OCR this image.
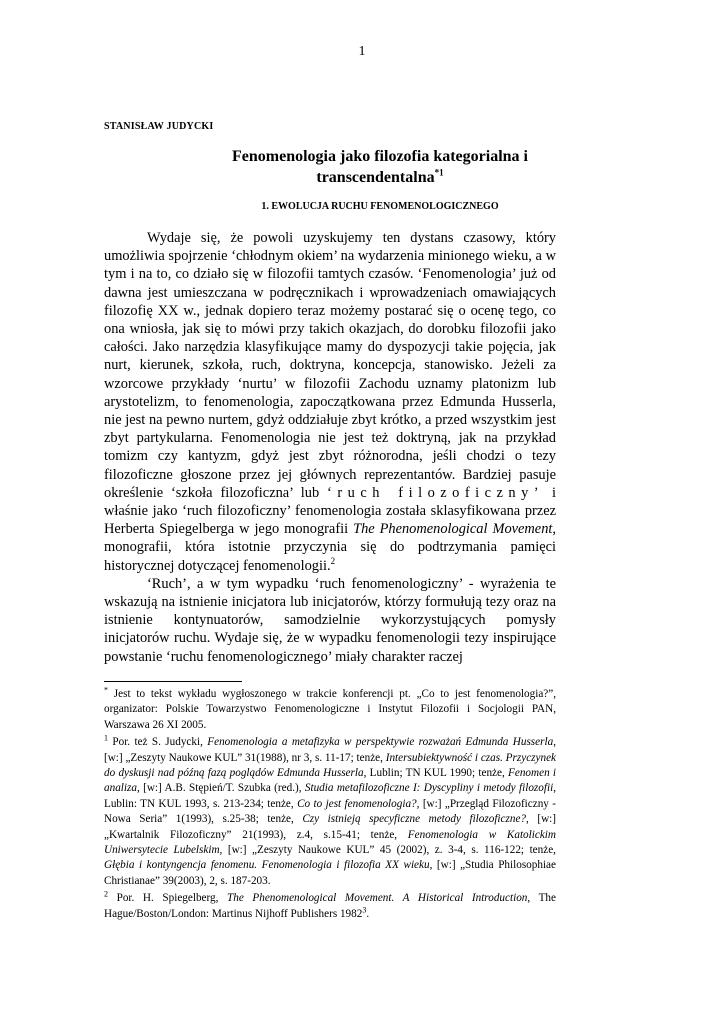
1
STANISŁAW JUDYCKI
Fenomenologia jako filozofia kategorialna i
transcendentalna$^{*1}$
1. EWOLUCJA RUCHU FENOMENOLOGICZNEGO

Wydaje się, że powoli uzyskujemy ten dystans czasowy, który umożliwia spojrzenie ‘chłodnym okiem’ na wydarzenia minionego wieku, a w tym i na to, co działo się w filozofii tamtych czasów. ‘Fenomenologia’ już od dawna jest umieszczana w podręcznikach i wprowadzeniach omawiających filozofię XX w., jednak dopiero teraz możemy postarać się o ocenę tego, co ona wniosła, jak się to mówi przy takich okazjach, do dorobku filozofii jako całości. Jako narzędzia klasyfikujące mamy do dyspozycji takie pojęcia, jak nurt, kierunek, szkoła, ruch, doktryna, koncepcja, stanowisko. Jeżeli za wzorcowe przykłady ‘nurtu’ w filozofii Zachodu uznamy platonizm lub arystotelizm, to fenomenologia, zapoczątkowana przez Edmunda Husserla, nie jest na pewno nurtem, gdyż oddziałuje zbyt krótko, a przed wszystkim jest zbyt partykularna. Fenomenologia nie jest też doktryną, jak na przykład tomizm czy kantyzm, gdyż jest zbyt różnorodna, jeśli chodzi o tezy filozoficzne głoszone przez jej głównych reprezentantów. Bardziej pasuje określenie ‘szkoła filozoficzna’ lub ‘ruch filozoficzny’ i właśnie jako ‘ruch filozoficzny’ fenomenologia została sklasyfikowana przez Herberta Spiegelberga w jego monografii The Phenomenological Movement, monografii, która istotnie przyczynia się do podtrzymania pamięci historycznej dotyczącej fenomenologii.$^2$

‘Ruch’, a w tym wypadku ‘ruch fenomenologiczny’ - wyrażenia te wskazują na istnienie inicjatora lub inicjatorów, którzy formułują tezy oraz na istnienie kontynuatorów, samodzielnie wykorzystujących pomysły inicjatorów ruchu. Wydaje się, że w wypadku fenomenologii tezy inspirujące powstanie ‘ruchu fenomenologicznego’ miały charakter raczej

* Jest to tekst wykładu wygłoszonego w trakcie konferencji pt. „Co to jest fenomenologia?”, organizator: Polskie Towarzystwo Fenomenologiczne i Instytut Filozofii i Socjologii PAN, Warszawa 26 XI 2005.
$^1$ Por. też S. Judycki, Fenomenologia a metafizyka w perspektywie rozważań Edmunda Husserla, [w:] „Zeszyty Naukowe KUL” 31(1988), nr 3, s. 11-17; tenże, Intersubiektywność i czas. Przyczynek do dyskusji nad późną fazą poglądów Edmunda Husserla, Lublin; TN KUL 1990; tenże, Fenomen i analiza, [w:] A.B. Stępień/T. Szubka (red.), Studia metafilozoficzne I: Dyscypliny i metody filozofii, Lublin: TN KUL 1993, s. 213-234; tenże, Co to jest fenomenologia?, [w:] „Przegląd Filozoficzny - Nowa Seria” 1(1993), s.25-38; tenże, Czy istnieją specyficzne metody filozoficzne?, [w:] „Kwartalnik Filozoficzny” 21(1993), z.4, s.15-41; tenże, Fenomenologia w Katolickim Uniwersytecie Lubelskim, [w:] „Zeszyty Naukowe KUL” 45 (2002), z. 3-4, s. 116-122; tenże, Głębia i kontyngencja fenomenu. Fenomenologia i filozofia XX wieku, [w:] „Studia Philosophiae Christianae” 39(2003), 2, s. 187-203.
$^2$ Por. H. Spiegelberg, The Phenomenological Movement. A Historical Introduction, The Hague/Boston/London: Martinus Nijhoff Publishers 1982$^3$.
